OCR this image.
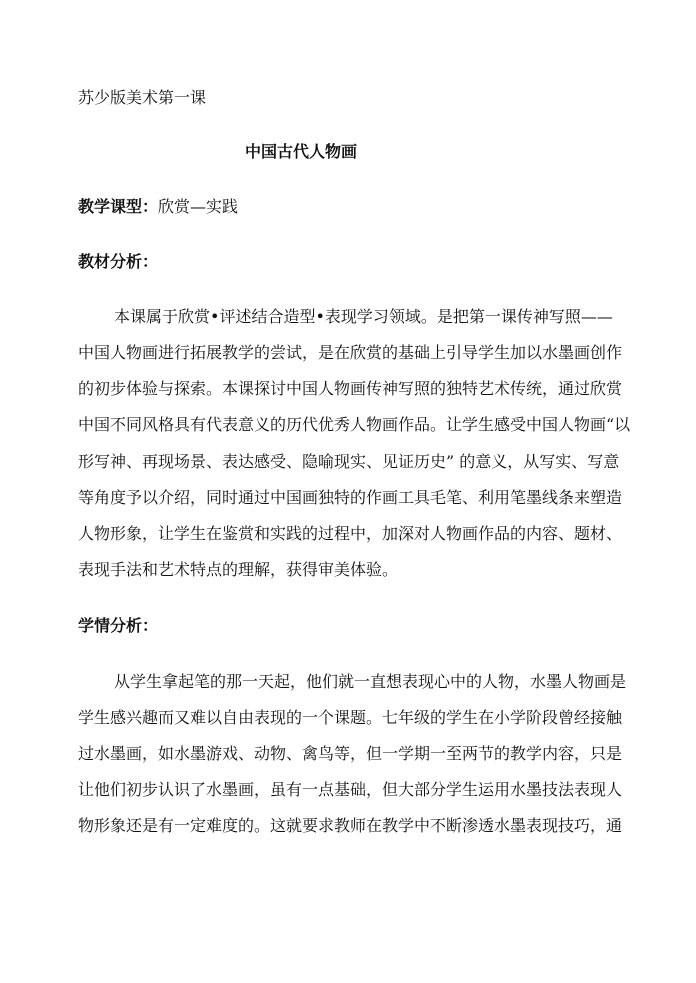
苏少版美术第一课
中国古代人物画
教学课型：欣赏—实践
教材分析：
本课属于欣赏•评述结合造型•表现学习领域。是把第一课传神写照——
中国人物画进行拓展教学的尝试，是在欣赏的基础上引导学生加以水墨画创作
的初步体验与探索。本课探讨中国人物画传神写照的独特艺术传统，通过欣赏
中国不同风格具有代表意义的历代优秀人物画作品。让学生感受中国人物画“以
形写神、再现场景、表达感受、隐喻现实、见证历史” 的意义，从写实、写意
等角度予以介绍，同时通过中国画独特的作画工具毛笔、利用笔墨线条来塑造
人物形象，让学生在鉴赏和实践的过程中，加深对人物画作品的内容、题材、
表现手法和艺术特点的理解，获得审美体验。
学情分析：
从学生拿起笔的那一天起，他们就一直想表现心中的人物，水墨人物画是
学生感兴趣而又难以自由表现的一个课题。七年级的学生在小学阶段曾经接触
过水墨画，如水墨游戏、动物、禽鸟等，但一学期一至两节的教学内容，只是
让他们初步认识了水墨画，虽有一点基础，但大部分学生运用水墨技法表现人
物形象还是有一定难度的。这就要求教师在教学中不断渗透水墨表现技巧，通
